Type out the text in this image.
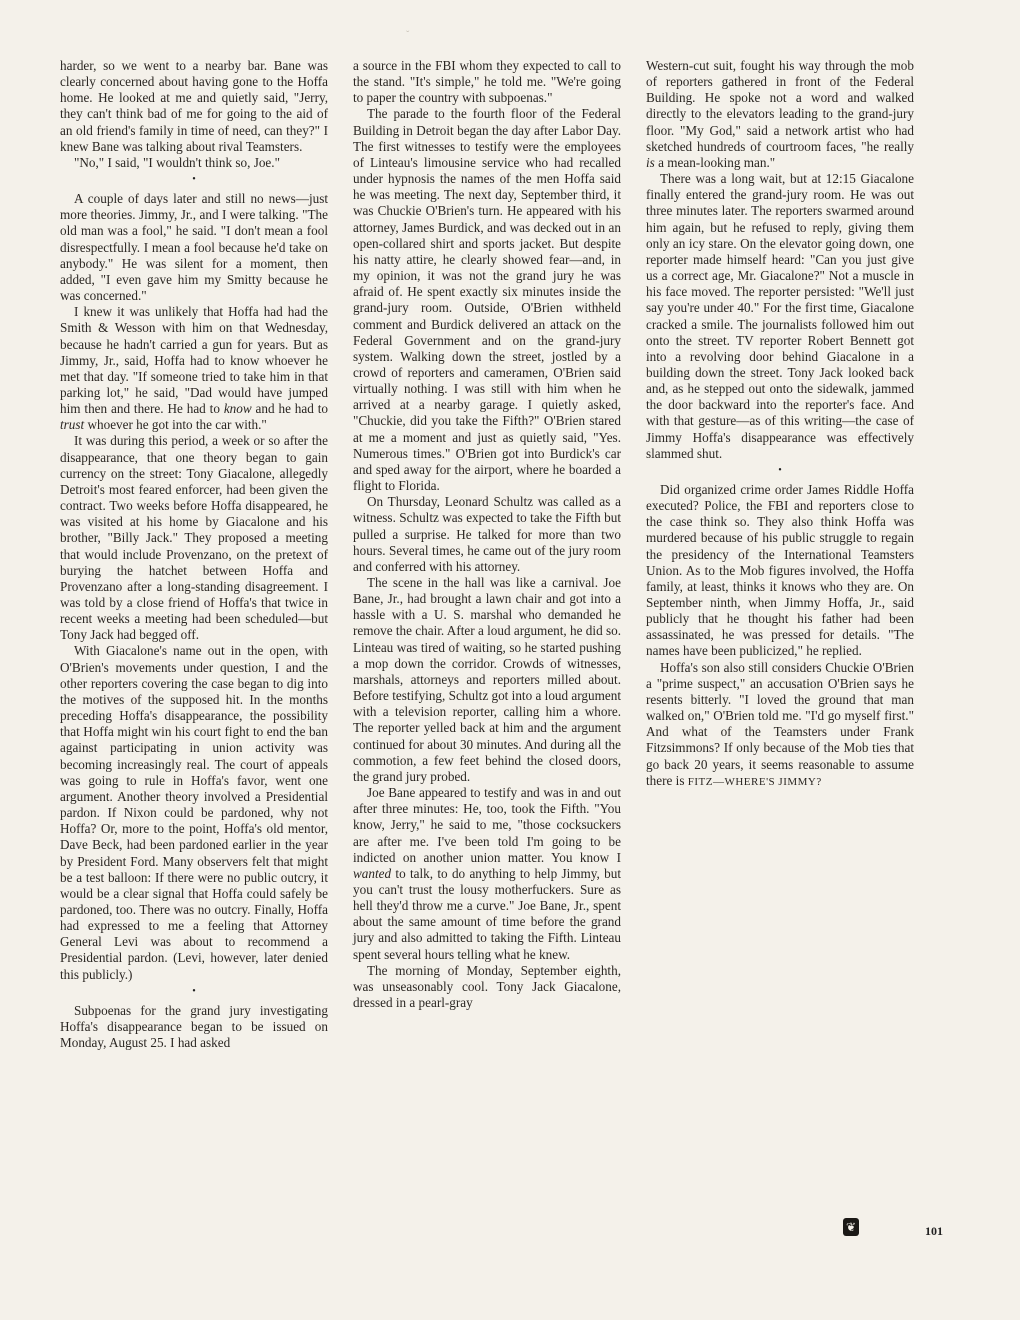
ˇ

harder, so we went to a nearby bar. Bane was clearly concerned about having gone to the Hoffa home. He looked at me and quietly said, "Jerry, they can't think bad of me for going to the aid of an old friend's family in time of need, can they?" I knew Bane was talking about rival Teamsters.

"No," I said, "I wouldn't think so, Joe."

•

A couple of days later and still no news—just more theories. Jimmy, Jr., and I were talking. "The old man was a fool," he said. "I don't mean a fool disrespectfully. I mean a fool because he'd take on anybody." He was silent for a moment, then added, "I even gave him my Smitty because he was concerned."

I knew it was unlikely that Hoffa had had the Smith & Wesson with him on that Wednesday, because he hadn't carried a gun for years. But as Jimmy, Jr., said, Hoffa had to know whoever he met that day. "If someone tried to take him in that parking lot," he said, "Dad would have jumped him then and there. He had to know and he had to trust whoever he got into the car with."

It was during this period, a week or so after the disappearance, that one theory began to gain currency on the street: Tony Giacalone, allegedly Detroit's most feared enforcer, had been given the contract. Two weeks before Hoffa disappeared, he was visited at his home by Giacalone and his brother, "Billy Jack." They proposed a meeting that would include Provenzano, on the pretext of burying the hatchet between Hoffa and Provenzano after a long-standing disagreement. I was told by a close friend of Hoffa's that twice in recent weeks a meeting had been scheduled—but Tony Jack had begged off.

With Giacalone's name out in the open, with O'Brien's movements under question, I and the other reporters covering the case began to dig into the motives of the supposed hit. In the months preceding Hoffa's disappearance, the possibility that Hoffa might win his court fight to end the ban against participating in union activity was becoming increasingly real. The court of appeals was going to rule in Hoffa's favor, went one argument. Another theory involved a Presidential pardon. If Nixon could be pardoned, why not Hoffa? Or, more to the point, Hoffa's old mentor, Dave Beck, had been pardoned earlier in the year by President Ford. Many observers felt that might be a test balloon: If there were no public outcry, it would be a clear signal that Hoffa could safely be pardoned, too. There was no outcry. Finally, Hoffa had expressed to me a feeling that Attorney General Levi was about to recommend a Presidential pardon. (Levi, however, later denied this publicly.)

•

Subpoenas for the grand jury investigating Hoffa's disappearance began to be issued on Monday, August 25. I had asked

a source in the FBI whom they expected to call to the stand. "It's simple," he told me. "We're going to paper the country with subpoenas."

The parade to the fourth floor of the Federal Building in Detroit began the day after Labor Day. The first witnesses to testify were the employees of Linteau's limousine service who had recalled under hypnosis the names of the men Hoffa said he was meeting. The next day, September third, it was Chuckie O'Brien's turn. He appeared with his attorney, James Burdick, and was decked out in an open-collared shirt and sports jacket. But despite his natty attire, he clearly showed fear—and, in my opinion, it was not the grand jury he was afraid of. He spent exactly six minutes inside the grand-jury room. Outside, O'Brien withheld comment and Burdick delivered an attack on the Federal Government and on the grand-jury system. Walking down the street, jostled by a crowd of reporters and cameramen, O'Brien said virtually nothing. I was still with him when he arrived at a nearby garage. I quietly asked, "Chuckie, did you take the Fifth?" O'Brien stared at me a moment and just as quietly said, "Yes. Numerous times." O'Brien got into Burdick's car and sped away for the airport, where he boarded a flight to Florida.

On Thursday, Leonard Schultz was called as a witness. Schultz was expected to take the Fifth but pulled a surprise. He talked for more than two hours. Several times, he came out of the jury room and conferred with his attorney.

The scene in the hall was like a carnival. Joe Bane, Jr., had brought a lawn chair and got into a hassle with a U. S. marshal who demanded he remove the chair. After a loud argument, he did so. Linteau was tired of waiting, so he started pushing a mop down the corridor. Crowds of witnesses, marshals, attorneys and reporters milled about. Before testifying, Schultz got into a loud argument with a television reporter, calling him a whore. The reporter yelled back at him and the argument continued for about 30 minutes. And during all the commotion, a few feet behind the closed doors, the grand jury probed.

Joe Bane appeared to testify and was in and out after three minutes: He, too, took the Fifth. "You know, Jerry," he said to me, "those cocksuckers are after me. I've been told I'm going to be indicted on another union matter. You know I wanted to talk, to do anything to help Jimmy, but you can't trust the lousy motherfuckers. Sure as hell they'd throw me a curve." Joe Bane, Jr., spent about the same amount of time before the grand jury and also admitted to taking the Fifth. Linteau spent several hours telling what he knew.

The morning of Monday, September eighth, was unseasonably cool. Tony Jack Giacalone, dressed in a pearl-gray

Western-cut suit, fought his way through the mob of reporters gathered in front of the Federal Building. He spoke not a word and walked directly to the elevators leading to the grand-jury floor. "My God," said a network artist who had sketched hundreds of courtroom faces, "he really is a mean-looking man."

There was a long wait, but at 12:15 Giacalone finally entered the grand-jury room. He was out three minutes later. The reporters swarmed around him again, but he refused to reply, giving them only an icy stare. On the elevator going down, one reporter made himself heard: "Can you just give us a correct age, Mr. Giacalone?" Not a muscle in his face moved. The reporter persisted: "We'll just say you're under 40." For the first time, Giacalone cracked a smile. The journalists followed him out onto the street. TV reporter Robert Bennett got into a revolving door behind Giacalone in a building down the street. Tony Jack looked back and, as he stepped out onto the sidewalk, jammed the door backward into the reporter's face. And with that gesture—as of this writing—the case of Jimmy Hoffa's disappearance was effectively slammed shut.

•

Did organized crime order James Riddle Hoffa executed? Police, the FBI and reporters close to the case think so. They also think Hoffa was murdered because of his public struggle to regain the presidency of the International Teamsters Union. As to the Mob figures involved, the Hoffa family, at least, thinks it knows who they are. On September ninth, when Jimmy Hoffa, Jr., said publicly that he thought his father had been assassinated, he was pressed for details. "The names have been publicized," he replied.

Hoffa's son also still considers Chuckie O'Brien a "prime suspect," an accusation O'Brien says he resents bitterly. "I loved the ground that man walked on," O'Brien told me. "I'd go myself first." And what of the Teamsters under Frank Fitzsimmons? If only because of the Mob ties that go back 20 years, it seems reasonable to assume there is FITZ—WHERE'S JIMMY?

❦	101
